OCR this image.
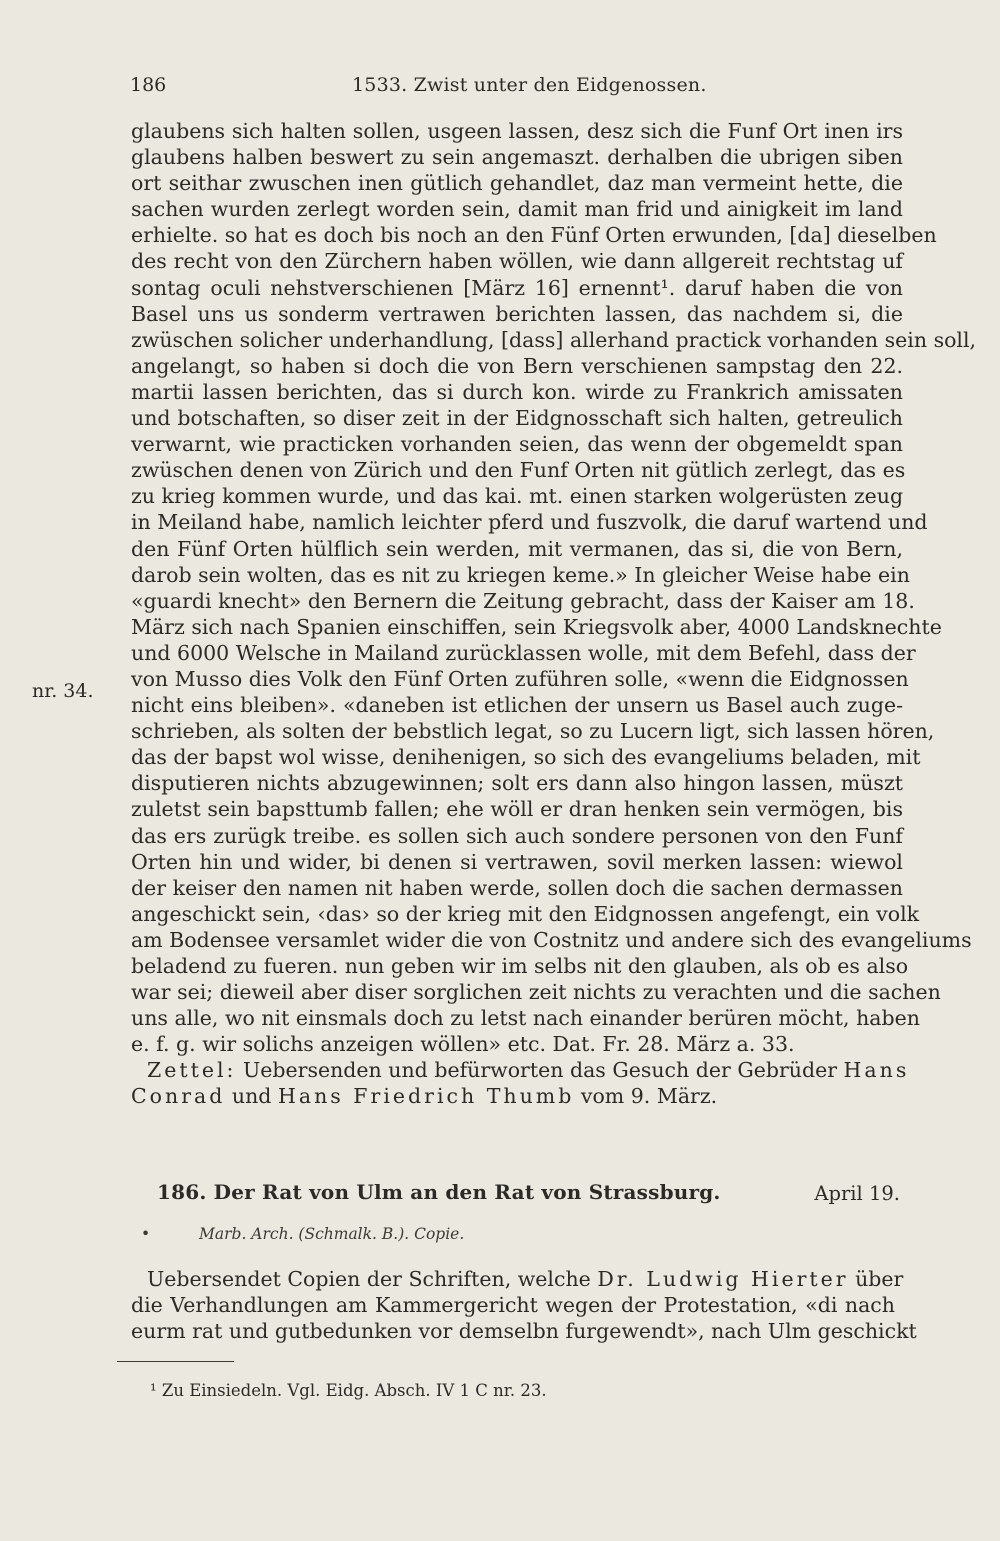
186	1533. Zwist unter den Eidgenossen.
nr. 34.
glaubens sich halten sollen, usgeen lassen, desz sich die Funf Ort inen irs
glaubens halben beswert zu sein angemaszt. derhalben die ubrigen siben
ort seithar zwuschen inen gütlich gehandlet, daz man vermeint hette, die
sachen wurden zerlegt worden sein, damit man frid und ainigkeit im land
erhielte. so hat es doch bis noch an den Fünf Orten erwunden, [da] dieselben
des recht von den Zürchern haben wöllen, wie dann allgereit rechtstag uf
sontag oculi nehstverschienen [März 16] ernennt¹. daruf haben die von
Basel uns us sonderm vertrawen berichten lassen, das nachdem si, die
zwüschen solicher underhandlung, [dass] allerhand practick vorhanden sein soll,
angelangt, so haben si doch die von Bern verschienen sampstag den 22.
martii lassen berichten, das si durch kon. wirde zu Frankrich amissaten
und botschaften, so diser zeit in der Eidgnosschaft sich halten, getreulich
verwarnt, wie practicken vorhanden seien, das wenn der obgemeldt span
zwüschen denen von Zürich und den Funf Orten nit gütlich zerlegt, das es
zu krieg kommen wurde, und das kai. mt. einen starken wolgerüsten zeug
in Meiland habe, namlich leichter pferd und fuszvolk, die daruf wartend und
den Fünf Orten hülflich sein werden, mit vermanen, das si, die von Bern,
darob sein wolten, das es nit zu kriegen keme.» In gleicher Weise habe ein
«guardi knecht» den Bernern die Zeitung gebracht, dass der Kaiser am 18.
März sich nach Spanien einschiffen, sein Kriegsvolk aber, 4000 Landsknechte
und 6000 Welsche in Mailand zurücklassen wolle, mit dem Befehl, dass der
von Musso dies Volk den Fünf Orten zuführen solle, «wenn die Eidgnossen
nicht eins bleiben». «daneben ist etlichen der unsern us Basel auch zuge-
schrieben, als solten der bebstlich legat, so zu Lucern ligt, sich lassen hören,
das der bapst wol wisse, denihenigen, so sich des evangeliums beladen, mit
disputieren nichts abzugewinnen; solt ers dann also hingon lassen, müszt
zuletst sein bapsttumb fallen; ehe wöll er dran henken sein vermögen, bis
das ers zurügk treibe. es sollen sich auch sondere personen von den Funf
Orten hin und wider, bi denen si vertrawen, sovil merken lassen: wiewol
der keiser den namen nit haben werde, sollen doch die sachen dermassen
angeschickt sein, ‹das› so der krieg mit den Eidgnossen angefengt, ein volk
am Bodensee versamlet wider die von Costnitz und andere sich des evangeliums
beladend zu fueren. nun geben wir im selbs nit den glauben, als ob es also
war sei; dieweil aber diser sorglichen zeit nichts zu verachten und die sachen
uns alle, wo nit einsmals doch zu letst nach einander berüren möcht, haben
e. f. g. wir solichs anzeigen wöllen» etc. Dat. Fr. 28. März a. 33.
Zettel: Uebersenden und befürworten das Gesuch der Gebrüder Hans
Conrad und Hans Friedrich Thumb vom 9. März.
186. Der Rat von Ulm an den Rat von Strassburg.	April 19.
•	Marb. Arch. (Schmalk. B.). Copie.
Uebersendet Copien der Schriften, welche Dr. Ludwig Hierter über
die Verhandlungen am Kammergericht wegen der Protestation, «di nach
eurm rat und gutbedunken vor demselbn furgewendt», nach Ulm geschickt
¹ Zu Einsiedeln. Vgl. Eidg. Absch. IV 1 C nr. 23.
